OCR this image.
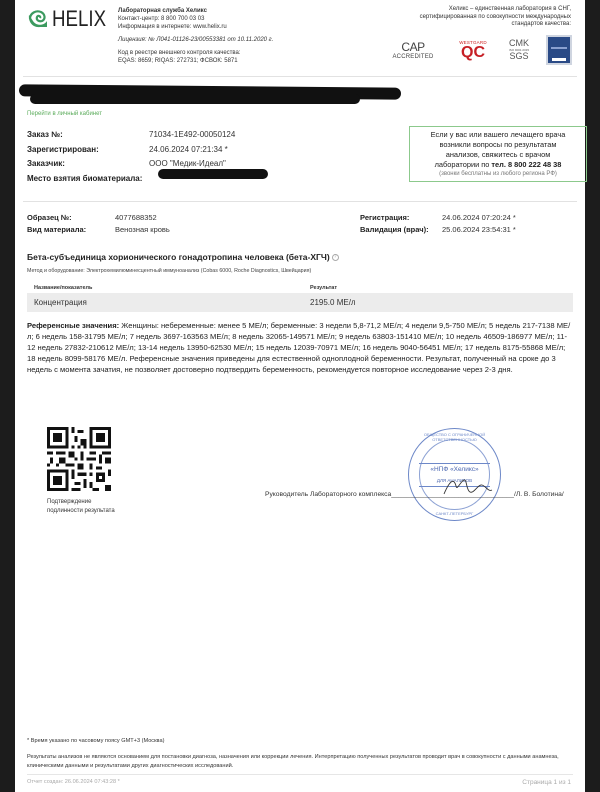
HELIX Лабораторная служба Хеликс
Контакт-центр: 8 800 700 03 03
Информация в интернете: www.helix.ru
Лицензия: № Л041-01126-23/00553381 от 10.11.2020 г.
Код в реестре внешнего контроля качества:
EQAS: 8659; RIQAS: 272731; ФСВОК: 5871
Хеликс – единственная лаборатория в СНГ,
сертифицированная по совокупности международных
стандартов качества:
CAP
ACCREDITED
WESTGARD
QC
CMK
ISO 9001:2015
SGS
Перейти в личный кабинет
Заказ №:	71034-1E492-00050124
Зарегистрирован:	24.06.2024 07:21:34 *
Заказчик:	ООО "Медик-Идеал"
Место взятия биоматериала:
Если у вас или вашего лечащего врача
возникли вопросы по результатам
анализов, свяжитесь с врачом
лаборатории по тел. 8 800 222 48 38
(звонки бесплатны из любого региона РФ)
Образец №:	4077688352	Регистрация:	24.06.2024 07:20:24 *
Вид материала:	Венозная кровь	Валидация (врач):	25.06.2024 23:54:31 *
Бета-субъединица хорионического гонадотропина человека (бета-ХГЧ) ?
Метод и оборудование: Электрохемилюминесцентный иммуноанализ (Cobas 6000, Roche Diagnostics, Швейцария)
Название/показатель	Результат
Концентрация	2195.0 МЕ/л
Референсные значения: Женщины: небеременные: менее 5 МЕ/л; беременные: 3 недели 5,8-71,2 МЕ/л; 4 недели 9,5-750 МЕ/л; 5 недель 217-7138 МЕ/л; 6 недель 158-31795 МЕ/л; 7 недель 3697-163563 МЕ/л; 8 недель 32065-149571 МЕ/л; 9 недель 63803-151410 МЕ/л; 10 недель 46509-186977 МЕ/л; 11-12 недель 27832-210612 МЕ/л; 13-14 недель 13950-62530 МЕ/л; 15 недель 12039-70971 МЕ/л; 16 недель 9040-56451 МЕ/л; 17 недель 8175-55868 МЕ/л; 18 недель 8099-58176 МЕ/л. Референсные значения приведены для естественной одноплодной беременности. Результат, полученный на сроке до 3 недель с момента зачатия, не позволяет достоверно подтвердить беременность, рекомендуется повторное исследование через 2-3 дня.
Подтверждение
подлинности результата
ОБЩЕСТВО С ОГРАНИЧЕННОЙ ОТВЕТСТВЕННОСТЬЮ
«НПФ «Хеликс»
ДЛЯ АНАЛИЗОВ
САНКТ-ПЕТЕРБУРГ
Руководитель Лабораторного комплекса_________________________________/Л. В. Болотина/
* Время указано по часовому поясу GMT+3 (Москва)
Результаты анализов не являются основанием для постановки диагноза, назначения или коррекции лечения. Интерпретацию полученных результатов проводит врач в совокупности с данными анамнеза, клиническими данными и результатами других диагностических исследований.
Отчет создан: 26.06.2024 07:43:28 *	Страница 1 из 1
